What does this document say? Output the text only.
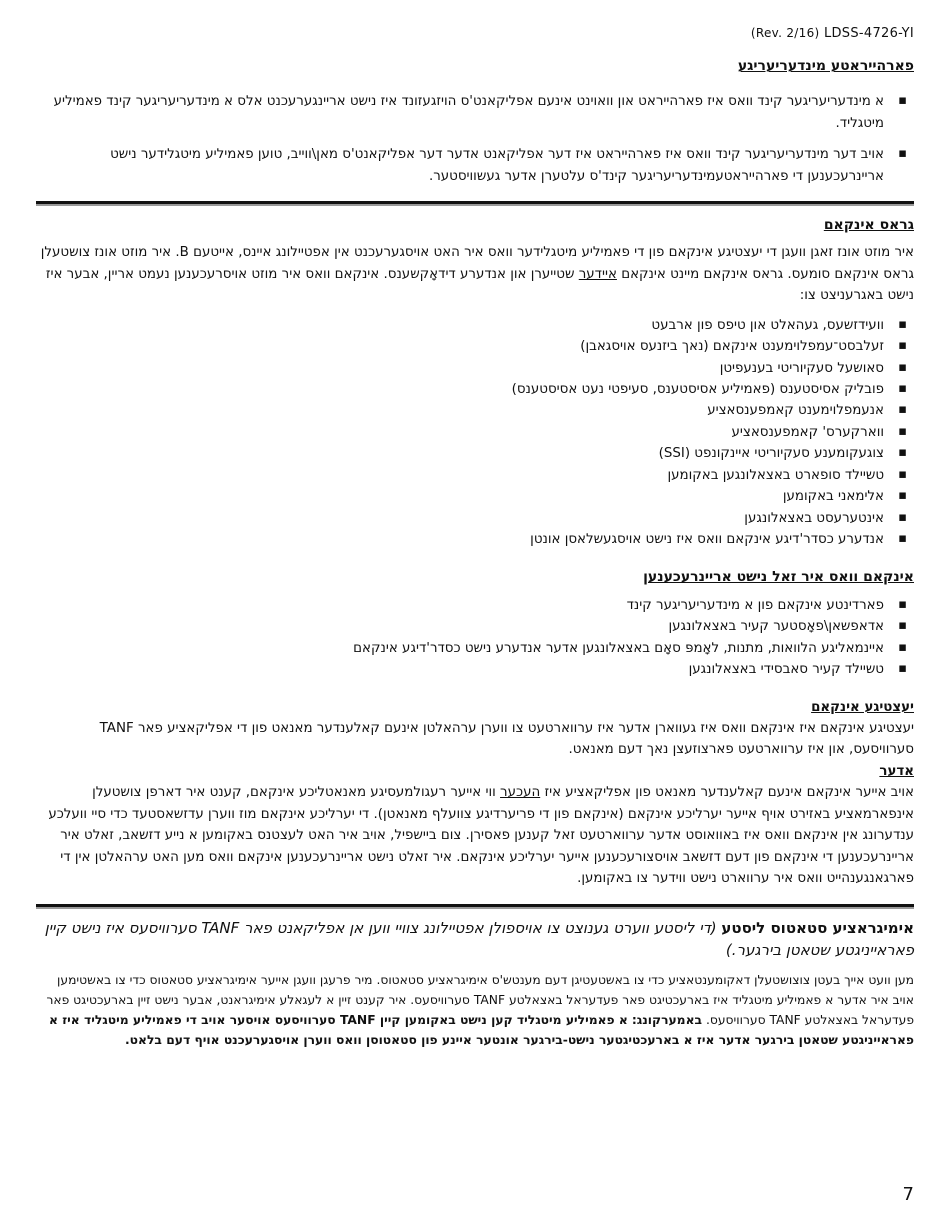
(Rev. 2/16) LDSS-4726-YI
פארהייראטע מינדעריעריגע
▪ א מינדעריעריגער קינד וואס איז פארהייראט און וואוינט אינעם אפליקאנט'ס הויזגעזונד איז נישט אריינגערעכנט אלס א מינדעריעריגער קינד פאמיליע מיטגליד.
▪ אויב דער מינדעריעריגער קינד וואס איז פארהייראט איז דער אפליקאנט אדער דער אפליקאנט'ס מאן\ווייב, טוען פאמיליע מיטגלידער נישט אריינרעכענען די פארהייראטעמינדעריעריגער קינד'ס עלטערן אדער געשוויסטער.
גראס אינקאם

איר מוזט אונז זאגן וועגן די יעצטיגע אינקאם פון די פאמיליע מיטגלידער וואס איר האט אויסגערעכנט אין אפטיילונג איינס, אייטעם B. איר מוזט אונז צושטעלן גראס אינקאם סומעס. גראס אינקאם מיינט אינקאם איידער שטייערן און אנדערע דידאָקשענס. אינקאם וואס איר מוזט אויסרעכענען נעמט אריין, אבער איז נישט באגרעניצט צו:

▪ וועידזשעס, געהאלט און טיפס פון ארבעט
▪ זעלבסט־עמפלוימענט אינקאם (נאך ביזנעס אויסגאבן)
▪ סאושעל סעקיוריטי בענעפיטן
▪ פובליק אסיסטענס (פאמיליע אסיסטענס, סעיפטי נעט אסיסטענס)
▪ אנעמפלוימענט קאמפענסאציע
▪ ווארקערס' קאמפענסאציע
▪ צוגעקומענע סעקיוריטי איינקונפט (SSI)
▪ טשיילד סופארט באצאלונגען באקומען
▪ אלימאני באקומען
▪ אינטערעסט באצאלונגען
▪ אנדערע כסדר'דיגע אינקאם וואס איז נישט אויסגעשלאסן אונטן
אינקאם וואס איר זאל נישט אריינרעכענען
▪ פארדינטע אינקאם פון א מינדעריעריגער קינד
▪ אדאפשאן\פאָסטער קעיר באצאלונגען
▪ איינמאליגע הלוואות, מתנות, לאָמפּ סאָם באצאלונגען אדער אנדערע נישט כסדר'דיגע אינקאם
▪ טשיילד קעיר סאבסידי באצאלונגען
יעצטיגע אינקאם

יעצטיגע אינקאם איז אינקאם וואס איז געווארן אדער איז ערווארטעט צו ווערן ערהאלטן אינעם קאלענדער מאנאט פון די אפליקאציע פאר TANF סערוויסעס, און איז ערווארטעט פארצוזעצן נאך דעם מאנאט.

אדער

אויב אייער אינקאם אינעם קאלענדער מאנאט פון אפליקאציע איז העכער ווי אייער רעגולמעסיגע מאנאטליכע אינקאם, קענט איר דארפן צושטעלן אינפארמאציע באזירט אויף אייער יערליכע אינקאם (אינקאם פון די פריערדיגע צוועלף מאנאטן). די יערליכע אינקאם מוז ווערן עדזשאסטעד כדי סיי וועלכע ענדערונג אין אינקאם וואס איז באוואוסט אדער ערווארטעט זאל קענען פאסירן. צום ביישפיל, אויב איר האט לעצטנס באקומען א נייע דזשאב, זאלט איר אריינרעכענען די אינקאם פון דעם דזשאב אויסצורעכענען אייער יערליכע אינקאם. איר זאלט נישט אריינרעכענען אינקאם וואס מען האט ערהאלטן אין די פארגאנגענהייט וואס איר ערווארט נישט ווידער צו באקומען.

אימיגראציע סטאטוס ליסטע (די ליסטע ווערט גענוצט צו אויספולן אפטיילונג צוויי ווען אן אפליקאנט פאר TANF סערוויסעס איז נישט קיין פאראייניגטע שטאטן בירגער.)

מען וועט אייך בעטן צוצושטעלן דאקומענטאציע כדי צו באשטעטיגן דעם מענטש'ס אימיגראציע סטאטוס. מיר פרעגן וועגן אייער אימיגראציע סטאטוס כדי צו באשטימען אויב איר אדער א פאמיליע מיטגליד איז בארעכטיגט פאר פעדעראל באצאלטע TANF סערוויסעס. איר קענט זיין א לעגאלע אימיגראנט, אבער נישט זיין בארעכטיגט פאר פעדעראל באצאלטע TANF סערוויסעס. באמערקונג: א פאמיליע מיטגליד קען נישט באקומען קיין TANF סערוויסעס אויסער אויב די פאמיליע מיטגליד איז א פאראייניגטע שטאטן בירגער אדער איז א בארעכטיגטער נישט-בירגער אונטער איינע פון סטאטוסן וואס ווערן אויסגערעכנט אויף דעם בלאט.

7
